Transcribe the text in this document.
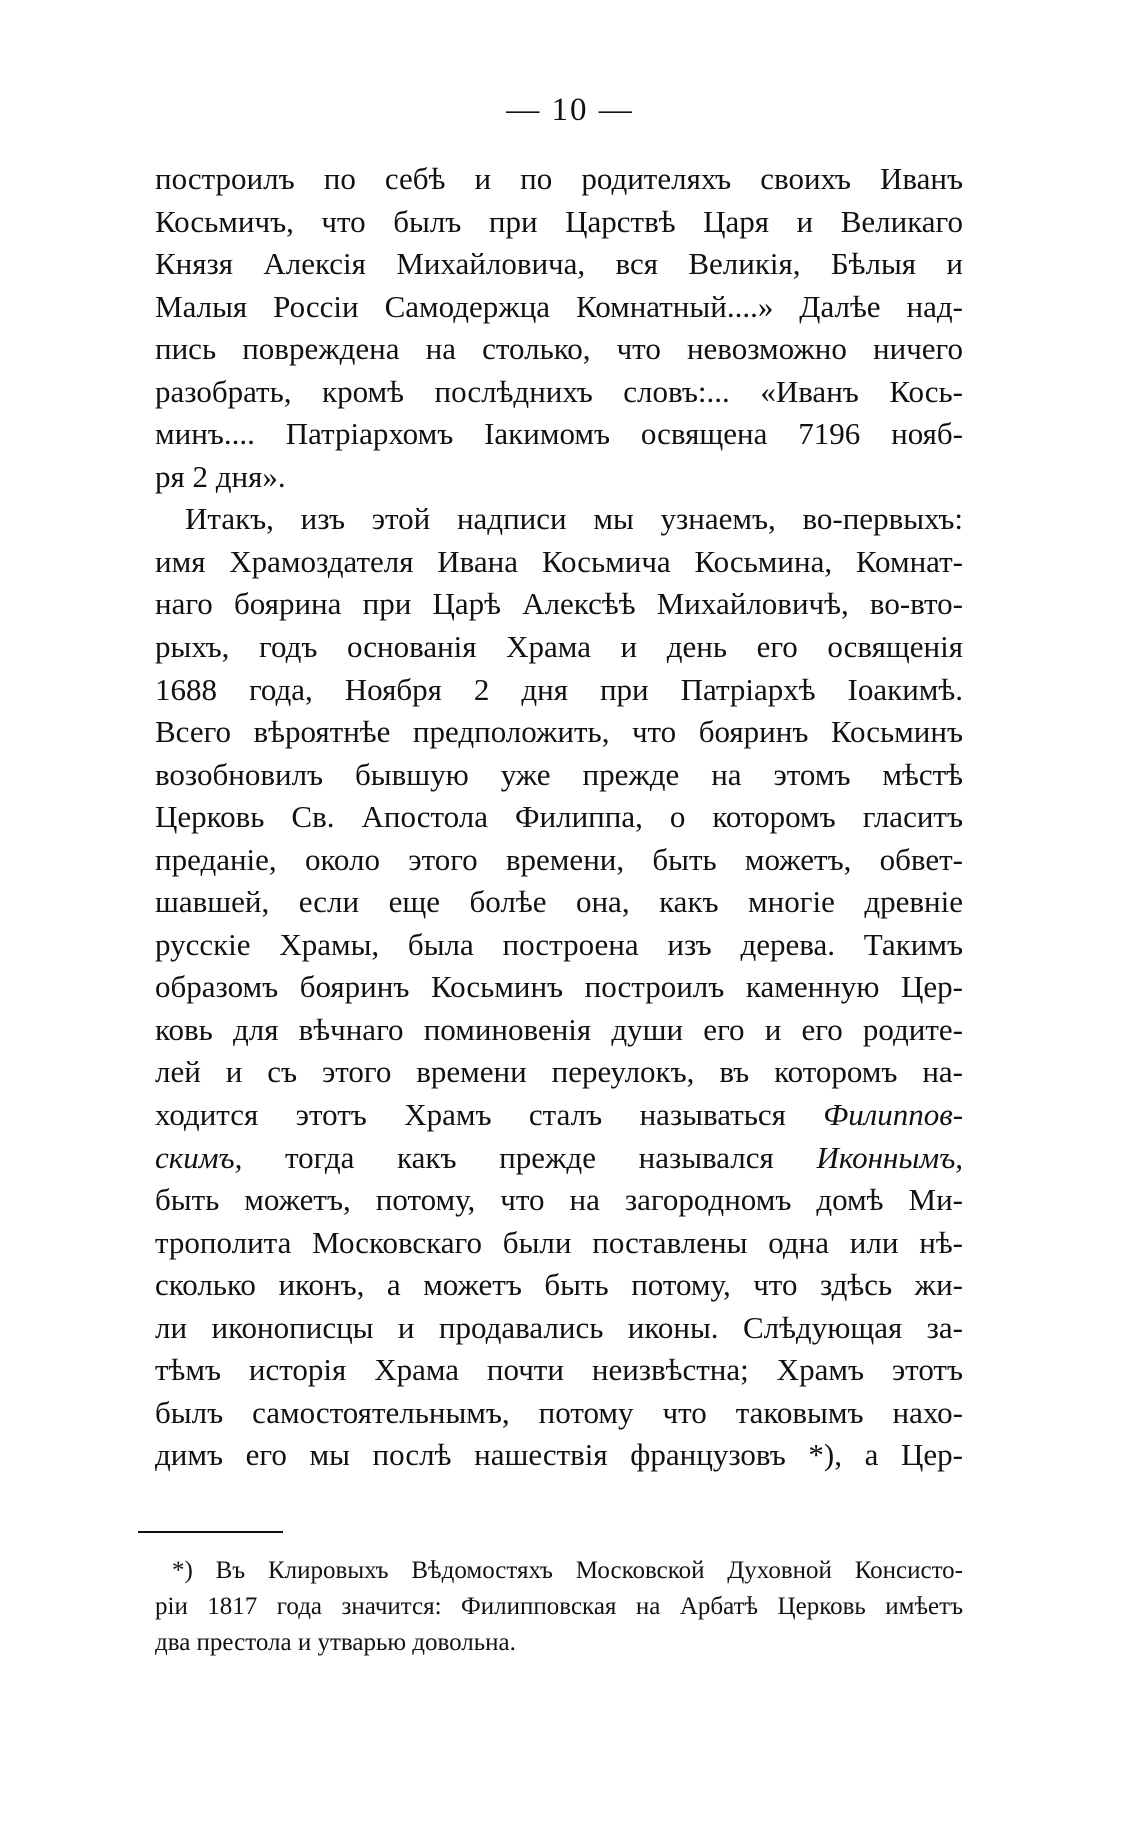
— 10 —
построилъ по себѣ и по родителяхъ своихъ Иванъ
Косьмичъ, что былъ при Царствѣ Царя и Великаго
Князя Алексія Михайловича, вся Великія, Бѣлыя и
Малыя Россіи Самодержца Комнатный....» Далѣе над-
пись повреждена на столько, что невозможно ничего
разобрать, кромѣ послѣднихъ словъ:... «Иванъ Кось-
минъ.... Патріархомъ Іакимомъ освящена 7196 нояб-
ря 2 дня».
Итакъ, изъ этой надписи мы узнаемъ, во-первыхъ:
имя Храмоздателя Ивана Косьмича Косьмина, Комнат-
наго боярина при Царѣ Алексѣѣ Михайловичѣ, во-вто-
рыхъ, годъ основанія Храма и день его освященія
1688 года, Ноября 2 дня при Патріархѣ Іоакимѣ.
Всего вѣроятнѣе предположить, что бояринъ Косьминъ
возобновилъ бывшую уже прежде на этомъ мѣстѣ
Церковь Св. Апостола Филиппа, о которомъ гласитъ
преданіе, около этого времени, быть можетъ, обвет-
шавшей, если еще болѣе она, какъ многіе древніе
русскіе Храмы, была построена изъ дерева. Такимъ
образомъ бояринъ Косьминъ построилъ каменную Цер-
ковь для вѣчнаго поминовенія души его и его родите-
лей и съ этого времени переулокъ, въ которомъ на-
ходится этотъ Храмъ сталъ называться Филиппов-
скимъ, тогда какъ прежде назывался Иконнымъ,
быть можетъ, потому, что на загородномъ домѣ Ми-
трополита Московскаго были поставлены одна или нѣ-
сколько иконъ, а можетъ быть потому, что здѣсь жи-
ли иконописцы и продавались иконы. Слѣдующая за-
тѣмъ исторія Храма почти неизвѣстна; Храмъ этотъ
былъ самостоятельнымъ, потому что таковымъ нахо-
димъ его мы послѣ нашествія французовъ *), а Цер-
*) Въ Клировыхъ Вѣдомостяхъ Московской Духовной Консисто-
ріи 1817 года значится: Филипповская на Арбатѣ Церковь имѣетъ
два престола и утварью довольна.
